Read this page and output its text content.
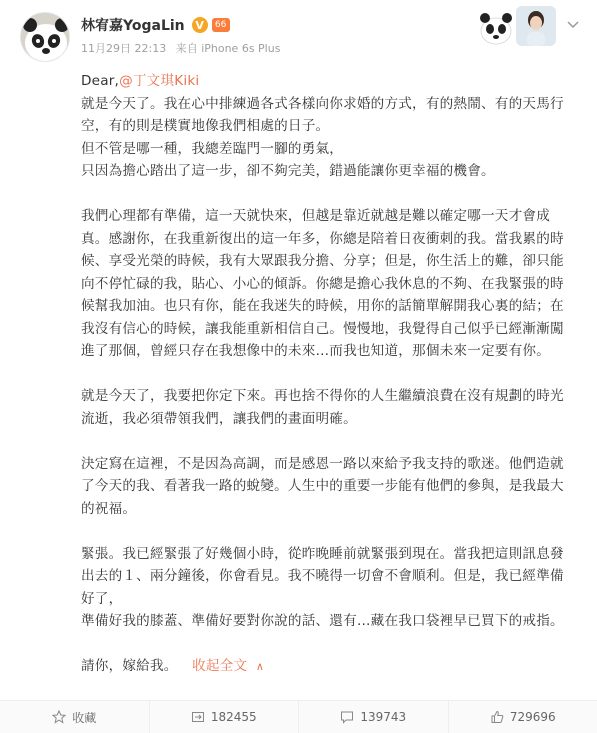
林宥嘉YogaLin V	66
11月29日 22:13 来自 iPhone 6s Plus

Dear,@丁文琪Kiki

就是今天了。我在心中排練過各式各樣向你求婚的方式，有的熱鬧、有的天馬行

空，有的則是樸實地像我們相處的日子。

但不管是哪一種，我總差臨門一腳的勇氣，

只因為擔心踏出了這一步，卻不夠完美，錯過能讓你更幸福的機會。

我們心理都有準備，這一天就快來，但越是靠近就越是難以確定哪一天才會成

真。感謝你，在我重新復出的這一年多，你總是陪着日夜衝刺的我。當我累的時

候、享受光榮的時候，我有大眾跟我分擔、分享；但是，你生活上的難，卻只能

向不停忙碌的我，貼心、小心的傾訴。你總是擔心我休息的不夠、在我緊張的時

候幫我加油。也只有你，能在我迷失的時候，用你的話簡單解開我心裏的結；在

我沒有信心的時候，讓我能重新相信自己。慢慢地，我覺得自己似乎已經漸漸闖

進了那個，曾經只存在我想像中的未來…而我也知道，那個未來一定要有你。

就是今天了，我要把你定下來。再也捨不得你的人生繼續浪費在沒有規劃的時光

流逝，我必須帶領我們，讓我們的畫面明確。

決定寫在這裡，不是因為高調，而是感恩一路以來給予我支持的歌迷。他們造就

了今天的我、看著我一路的蛻變。人生中的重要一步能有他們的參與，是我最大

的祝福。

緊張。我已經緊張了好幾個小時，從昨晚睡前就緊張到現在。當我把這則訊息發

出去的１、兩分鐘後，你會看見。我不曉得一切會不會順利。但是，我已經準備

好了，

準備好我的膝蓋、準備好要對你說的話、還有…藏在我口袋裡早已買下的戒指。

請你，嫁給我。 收起全文 ∧

收藏	182455	139743	729696
